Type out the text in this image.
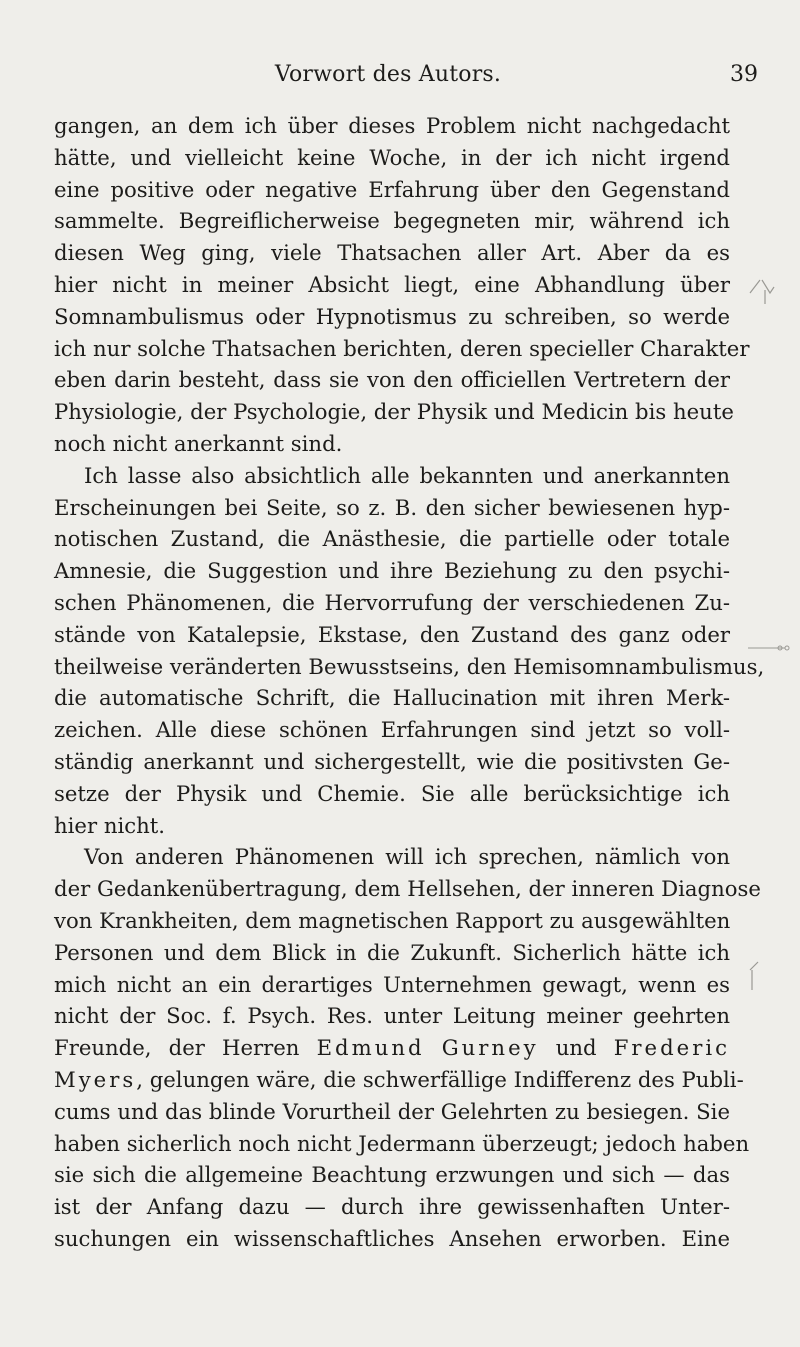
Vorwort des Autors.	39
gangen, an dem ich über dieses Problem nicht nachgedacht
hätte, und vielleicht keine Woche, in der ich nicht irgend
eine positive oder negative Erfahrung über den Gegenstand
sammelte. Begreiflicherweise begegneten mir, während ich
diesen Weg ging, viele Thatsachen aller Art. Aber da es
hier nicht in meiner Absicht liegt, eine Abhandlung über
Somnambulismus oder Hypnotismus zu schreiben, so werde
ich nur solche Thatsachen berichten, deren specieller Charakter
eben darin besteht, dass sie von den officiellen Vertretern der
Physiologie, der Psychologie, der Physik und Medicin bis heute
noch nicht anerkannt sind.
Ich lasse also absichtlich alle bekannten und anerkannten
Erscheinungen bei Seite, so z. B. den sicher bewiesenen hyp-
notischen Zustand, die Anästhesie, die partielle oder totale
Amnesie, die Suggestion und ihre Beziehung zu den psychi-
schen Phänomenen, die Hervorrufung der verschiedenen Zu-
stände von Katalepsie, Ekstase, den Zustand des ganz oder
theilweise veränderten Bewusstseins, den Hemisomnambulismus,
die automatische Schrift, die Hallucination mit ihren Merk-
zeichen. Alle diese schönen Erfahrungen sind jetzt so voll-
ständig anerkannt und sichergestellt, wie die positivsten Ge-
setze der Physik und Chemie. Sie alle berücksichtige ich
hier nicht.
Von anderen Phänomenen will ich sprechen, nämlich von
der Gedankenübertragung, dem Hellsehen, der inneren Diagnose
von Krankheiten, dem magnetischen Rapport zu ausgewählten
Personen und dem Blick in die Zukunft. Sicherlich hätte ich
mich nicht an ein derartiges Unternehmen gewagt, wenn es
nicht der Soc. f. Psych. Res. unter Leitung meiner geehrten
Freunde, der Herren Edmund Gurney und Frederic
Myers, gelungen wäre, die schwerfällige Indifferenz des Publi-
cums und das blinde Vorurtheil der Gelehrten zu besiegen. Sie
haben sicherlich noch nicht Jedermann überzeugt; jedoch haben
sie sich die allgemeine Beachtung erzwungen und sich — das
ist der Anfang dazu — durch ihre gewissenhaften Unter-
suchungen ein wissenschaftliches Ansehen erworben. Eine
